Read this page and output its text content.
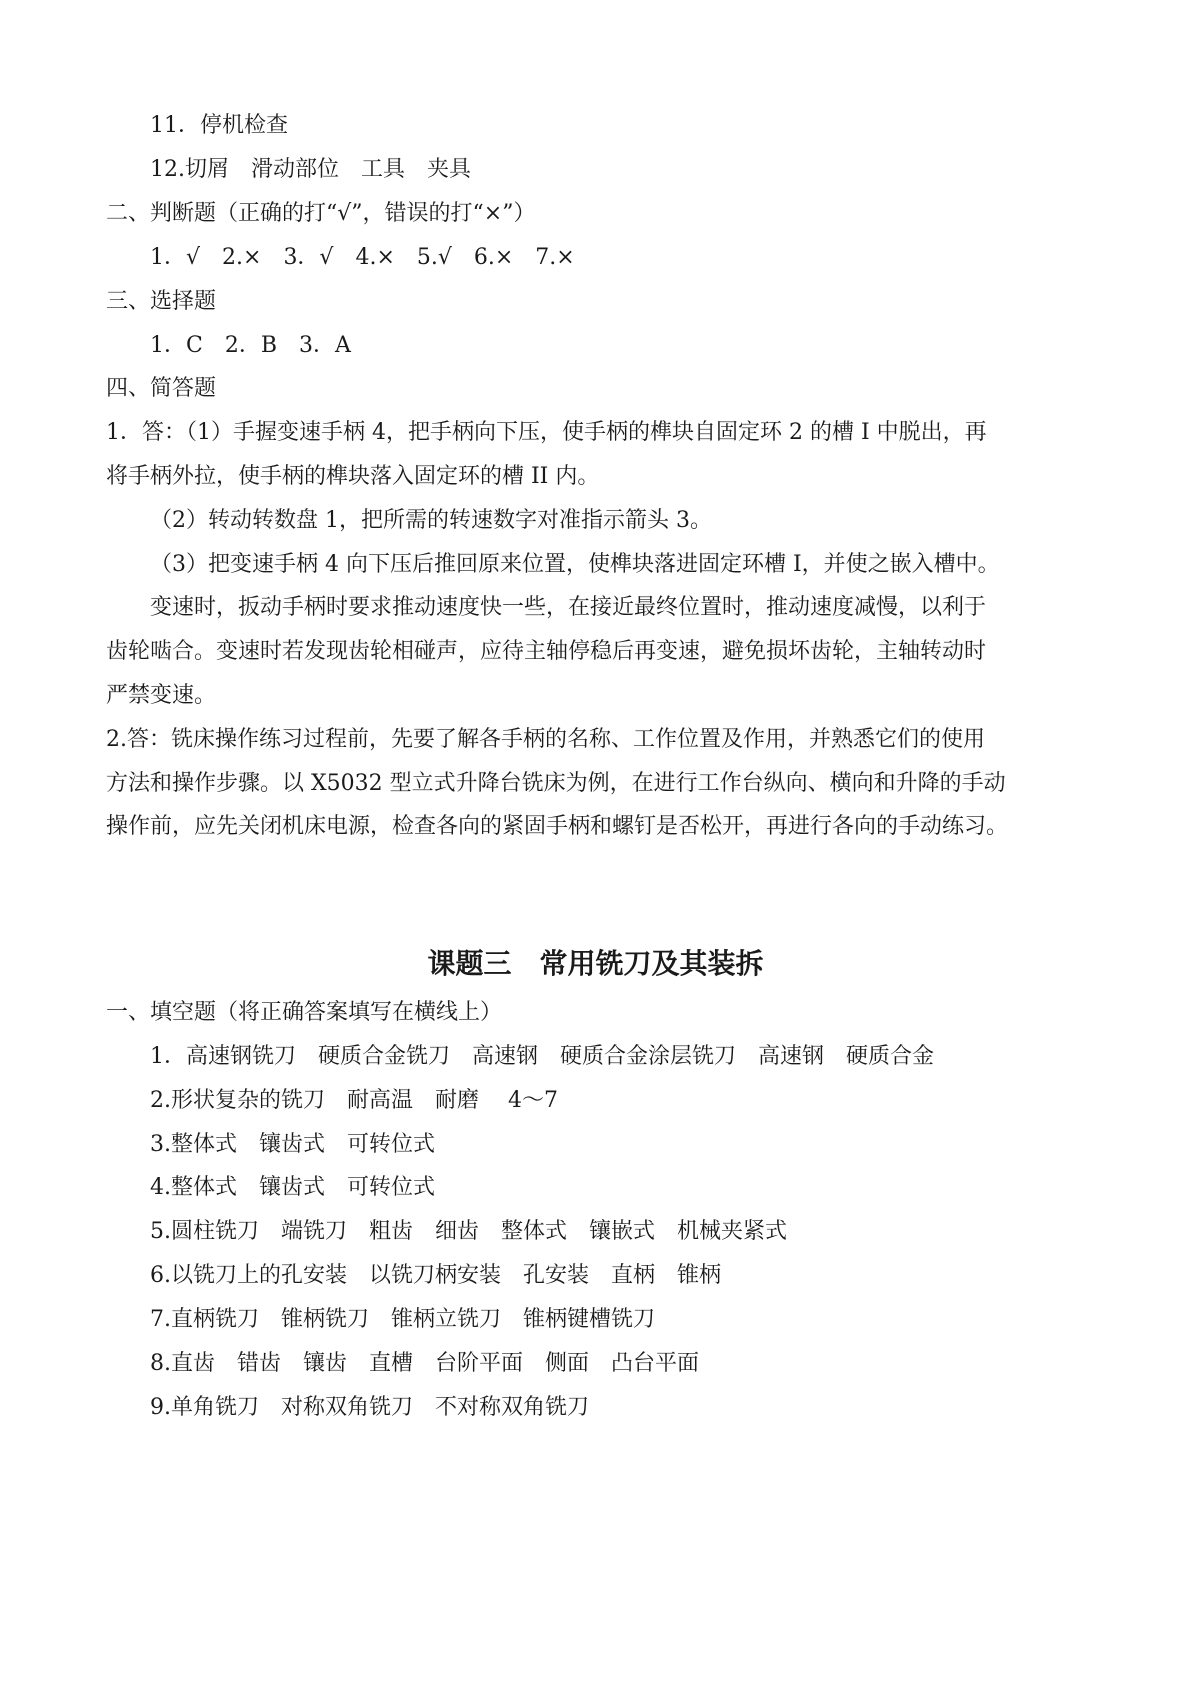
11．停机检查
12.切屑　滑动部位　工具　夹具
二、判断题（正确的打“√”，错误的打“×”）
1．√　2.×　3．√　4.×　5.√　6.×　7.×
三、选择题
1．C　2．B　3．A
四、简答题
1．答：（1）手握变速手柄 4，把手柄向下压，使手柄的榫块自固定环 2 的槽 I 中脱出，再
将手柄外拉，使手柄的榫块落入固定环的槽 II 内。
（2）转动转数盘 1，把所需的转速数字对准指示箭头 3。
（3）把变速手柄 4 向下压后推回原来位置，使榫块落进固定环槽 I，并使之嵌入槽中。
变速时，扳动手柄时要求推动速度快一些，在接近最终位置时，推动速度减慢，以利于
齿轮啮合。变速时若发现齿轮相碰声，应待主轴停稳后再变速，避免损坏齿轮，主轴转动时
严禁变速。
2.答：铣床操作练习过程前，先要了解各手柄的名称、工作位置及作用，并熟悉它们的使用
方法和操作步骤。以 X5032 型立式升降台铣床为例，在进行工作台纵向、横向和升降的手动
操作前，应先关闭机床电源，检查各向的紧固手柄和螺钉是否松开，再进行各向的手动练习。
课题三　常用铣刀及其装拆
一、填空题（将正确答案填写在横线上）
1．高速钢铣刀　硬质合金铣刀　高速钢　硬质合金涂层铣刀　高速钢　硬质合金
2.形状复杂的铣刀　耐高温　耐磨　 4～7
3.整体式　镶齿式　可转位式
4.整体式　镶齿式　可转位式
5.圆柱铣刀　端铣刀　粗齿　细齿　整体式　镶嵌式　机械夹紧式
6.以铣刀上的孔安装　以铣刀柄安装　孔安装　直柄　锥柄
7.直柄铣刀　锥柄铣刀　锥柄立铣刀　锥柄键槽铣刀
8.直齿　错齿　镶齿　直槽　台阶平面　侧面　凸台平面
9.单角铣刀　对称双角铣刀　不对称双角铣刀
